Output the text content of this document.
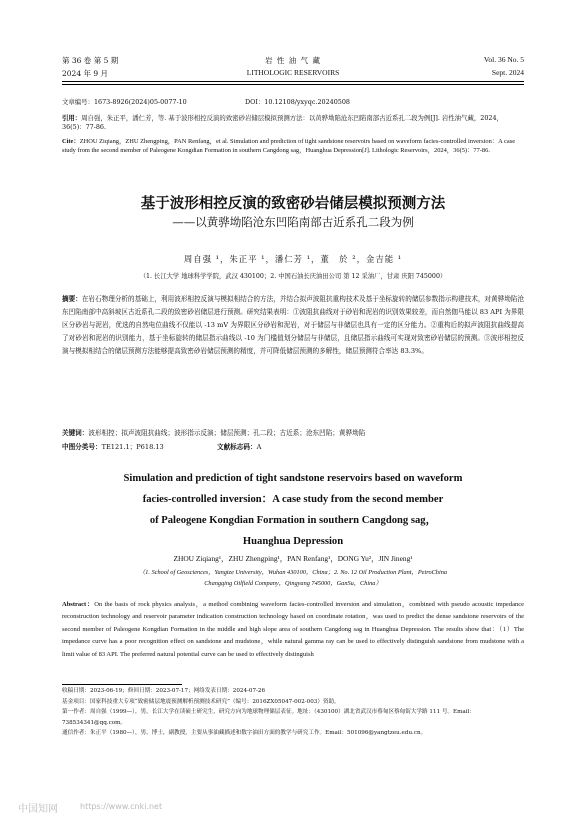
第 36 卷 第 5 期
2024 年 9 月
岩 性 油 气 藏
LITHOLOGIC RESERVOIRS
Vol. 36 No. 5
Sept. 2024
文章编号：1673-8926(2024)05-0077-10	DOI：10.12108/yxyqc.20240508
引用：周自强，朱正平，潘仁芳，等. 基于波形相控反演的致密砂岩储层模拟预测方法：以黄骅坳陷沧东凹陷南部古近系孔二段为例[J]. 岩性油气藏，2024，36(5)：77-86.
Cite：ZHOU Ziqiang，ZHU Zhengping，PAN Renfang，et al. Simulation and prediction of tight sandstone reservoirs based on waveform facies-controlled inversion：A case study from the second member of Paleogene Kongdian Formation in southern Cangdong sag，Huanghua Depression[J]. Lithologic Reservoirs，2024，36(5)：77-86.
基于波形相控反演的致密砂岩储层模拟预测方法
——以黄骅坳陷沧东凹陷南部古近系孔二段为例
周自强 ¹，朱正平 ¹，潘仁芳 ¹，董　於 ²，金吉能 ¹
（1. 长江大学 地球科学学院，武汉 430100；2. 中国石油长庆油田公司 第 12 采油厂，甘肃 庆阳 745000）
摘要：在岩石物理分析的基础上，利用波形相控反演与模拟相结合的方法，并结合拟声波阻抗重构技术及基于坐标旋转的储层参数指示构建技术，对黄骅坳陷沧东凹陷南部中高斜坡区古近系孔二段的致密砂岩储层进行预测。研究结果表明：①波阻抗曲线对于砂岩和泥岩的识别效果较差，而自然伽马能以 83 API 为界限区分砂岩与泥岩，优选的自然电位曲线不仅能以 -13 mV 为界限区分砂岩和泥岩，对于储层与非储层也具有一定的区分能力。②重构后的拟声波阻抗曲线提高了对砂岩和泥岩的识别能力，基于坐标旋转的储层指示曲线以 -10 为门槛值划分储层与非储层，且储层指示曲线可实现对致密砂岩储层的预测。③波形相控反演与模拟相结合的储层预测方法能够提高致密砂岩储层预测的精度，并可降低储层预测的多解性，储层预测符合率达 83.3%。
关键词：波形相控；拟声波阻抗曲线；波形指示反演；储层预测；孔二段；古近系；沧东凹陷；黄骅坳陷
中图分类号：TE121.1；P618.13	文献标志码：A
Simulation and prediction of tight sandstone reservoirs based on waveform
facies-controlled inversion：A case study from the second member
of Paleogene Kongdian Formation in southern Cangdong sag，
Huanghua Depression
ZHOU Ziqiang¹，ZHU Zhengping¹，PAN Renfang¹，DONG Yu²，JIN Jineng¹
（1. School of Geosciences，Yangtze University，Wuhan 430100，China；2. No. 12 Oil Production Plant，PetroChina
Changqing Oilfield Company，Qingyang 745000，GanSu，China）
Abstract：On the basis of rock physics analysis，a method combining waveform facies-controlled inversion and simulation，combined with pseudo acoustic impedance reconstruction technology and reservoir parameter indication construction technology based on coordinate rotation，was used to predict the dense sandstone reservoirs of the second member of Paleogene Kongdian Formation in the middle and high slope area of southern Cangdong sag in Huanghua Depression. The results show that：（1）The impedance curve has a poor recognition effect on sandstone and mudstone，while natural gamma ray can be used to effectively distinguish sandstone from mudstone with a limit value of 83 API. The preferred natural potential curve can be used to effectively distinguish
收稿日期：2023-06-19；修回日期：2023-07-17；网络发表日期：2024-07-26
基金项目：国家科技重大专项“致密储层地震预测解析预测技术研究”（编号：2016ZX05047-002-003）资助。
第一作者：周自强（1999—），男，长江大学在读硕士研究生，研究方向为地球物理储层表征。地址：（430100）湖北省武汉市蔡甸区蔡甸街大学路 111 号。Email：738534341@qq.com。
通信作者：朱正平（1980—），男，博士，副教授，主要从事油藏描述和数字油田方面的教学与研究工作。Email：501096@yangtzeu.edu.cn。
中国知网	https://www.cnki.net
